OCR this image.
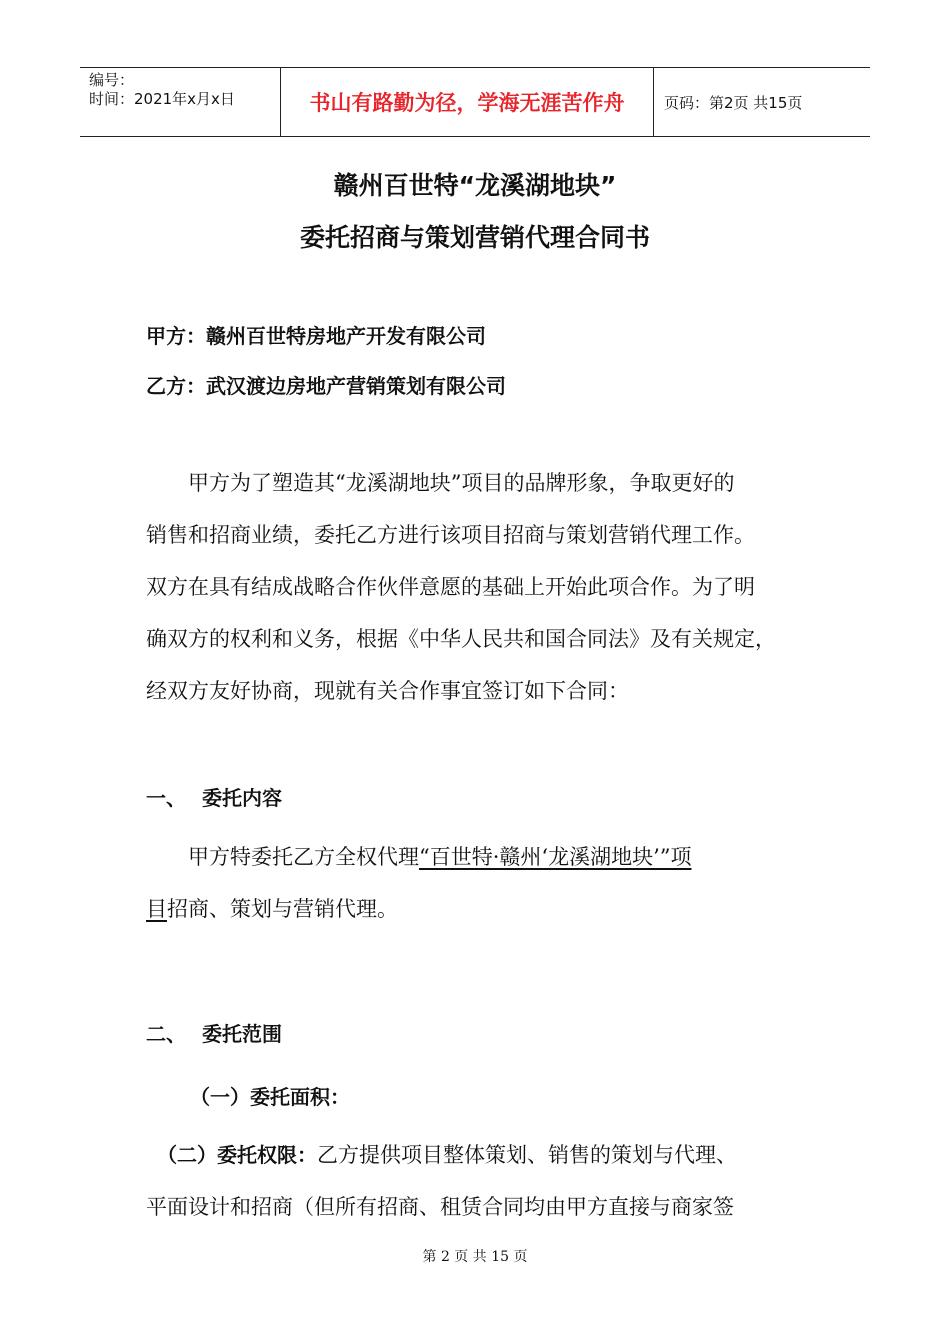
编号：
时间：2021年x月x日	书山有路勤为径，学海无涯苦作舟	页码：第2页 共15页
赣州百世特“龙溪湖地块”
委托招商与策划营销代理合同书
甲方：赣州百世特房地产开发有限公司
乙方：武汉渡边房地产营销策划有限公司
　　甲方为了塑造其“龙溪湖地块”项目的品牌形象，争取更好的
销售和招商业绩，委托乙方进行该项目招商与策划营销代理工作。
双方在具有结成战略合作伙伴意愿的基础上开始此项合作。为了明
确双方的权利和义务，根据《中华人民共和国合同法》及有关规定，
经双方友好协商，现就有关合作事宜签订如下合同：
一、 委托内容
　　甲方特委托乙方全权代理“百世特·赣州‘龙溪湖地块’”项
目招商、策划与营销代理。
二、 委托范围
（一）委托面积：
　（二）委托权限：乙方提供项目整体策划、销售的策划与代理、
平面设计和招商（但所有招商、租赁合同均由甲方直接与商家签
第 2 页 共 15 页
